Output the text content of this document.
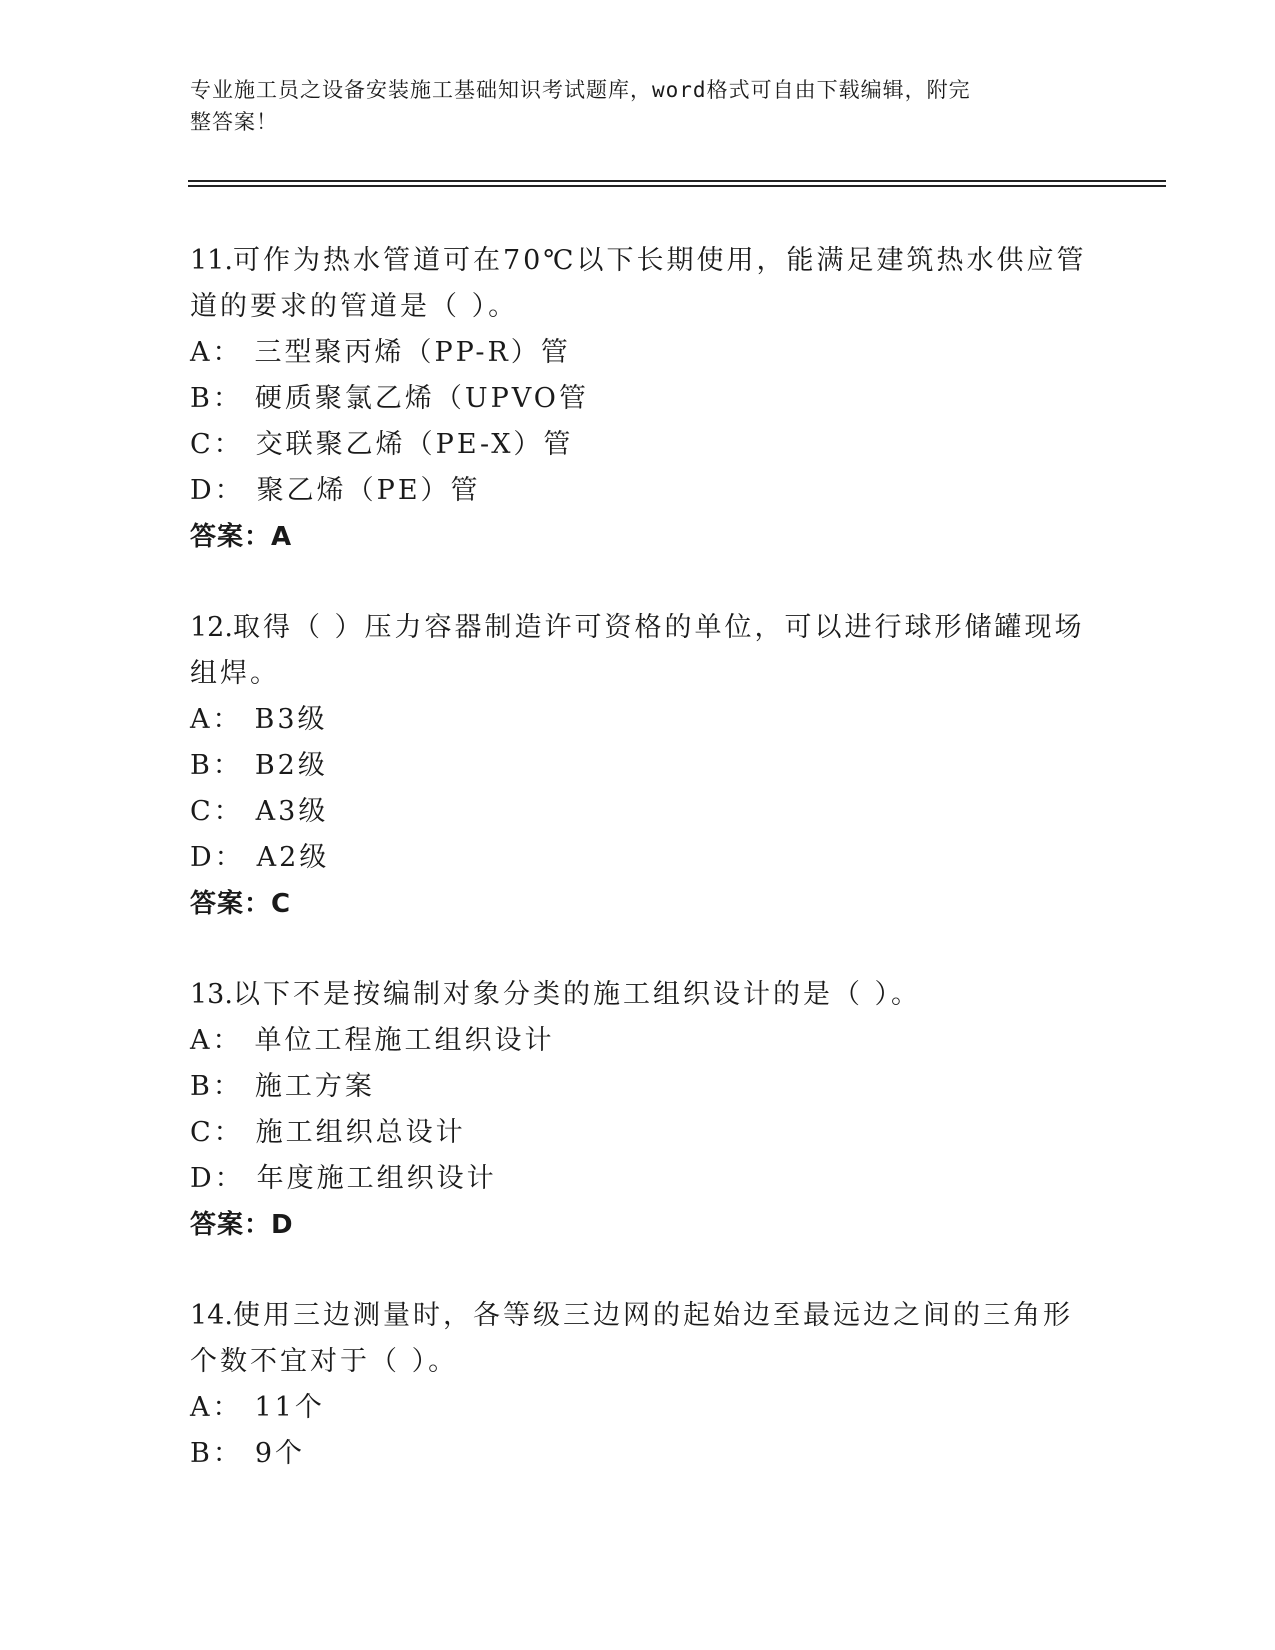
专业施工员之设备安装施工基础知识考试题库，word格式可自由下载编辑，附完
整答案！
11.可作为热水管道可在70℃以下长期使用，能满足建筑热水供应管道的要求的管道是（ ）。
A： 三型聚丙烯（PP-R）管
B： 硬质聚氯乙烯（UPVO管
C： 交联聚乙烯（PE-X）管
D： 聚乙烯（PE）管
答案：A
12.取得（ ）压力容器制造许可资格的单位，可以进行球形储罐现场组焊。
A： B3级
B： B2级
C： A3级
D： A2级
答案：C
13.以下不是按编制对象分类的施工组织设计的是（ ）。
A： 单位工程施工组织设计
B： 施工方案
C： 施工组织总设计
D： 年度施工组织设计
答案：D
14.使用三边测量时，各等级三边网的起始边至最远边之间的三角形个数不宜对于（ ）。
A： 11个
B： 9个
